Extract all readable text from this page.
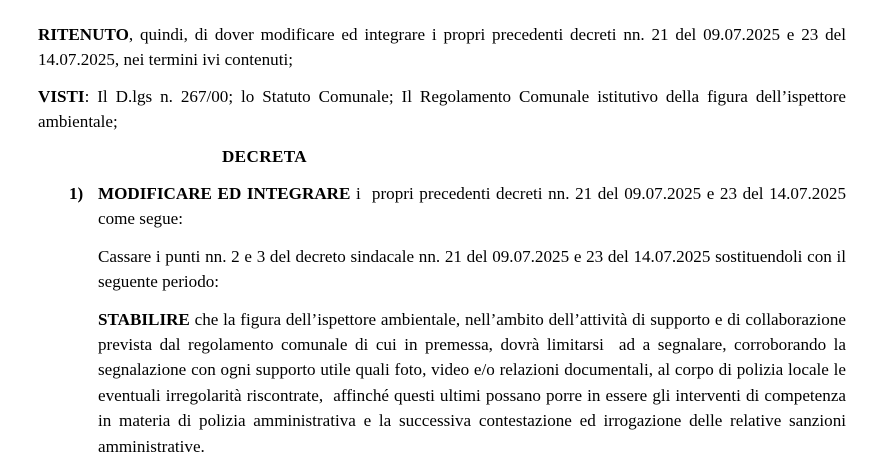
RITENUTO, quindi, di dover modificare ed integrare i propri precedenti decreti nn. 21 del 09.07.2025 e 23 del 14.07.2025, nei termini ivi contenuti;

VISTI: Il D.lgs n. 267/00; lo Statuto Comunale; Il Regolamento Comunale istitutivo della figura dell’ispettore ambientale;

DECRETA
1) MODIFICARE ED INTEGRARE i  propri precedenti decreti nn. 21 del 09.07.2025 e 23 del 14.07.2025 come segue:

Cassare i punti nn. 2 e 3 del decreto sindacale nn. 21 del 09.07.2025 e 23 del 14.07.2025 sostituendoli con il seguente periodo:

STABILIRE che la figura dell’ispettore ambientale, nell’ambito dell’attività di supporto e di collaborazione prevista dal regolamento comunale di cui in premessa, dovrà limitarsi  ad a segnalare, corroborando la segnalazione con ogni supporto utile quali foto, video e/o relazioni documentali, al corpo di polizia locale le eventuali irregolarità riscontrate,  affinché questi ultimi possano porre in essere gli interventi di competenza in materia di polizia amministrativa e la successiva contestazione ed irrogazione delle relative sanzioni amministrative.
